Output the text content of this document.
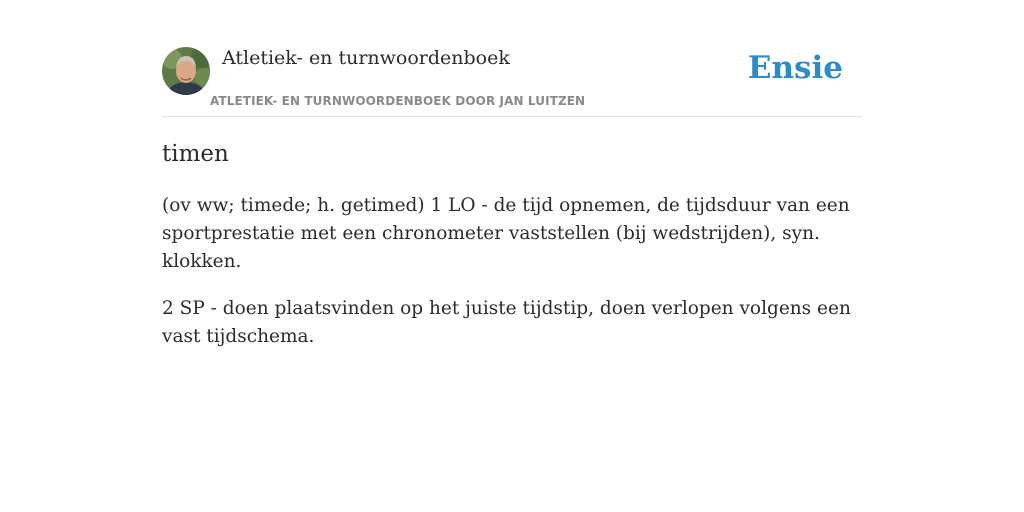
Atletiek- en turnwoordenboek
ATLETIEK- EN TURNWOORDENBOEK DOOR JAN LUITZEN
Ensie
timen

(ov ww; timede; h. getimed) 1 LO - de tijd opnemen, de tijdsduur van een sportprestatie met een chronometer vaststellen (bij wedstrijden), syn. klokken.

2 SP - doen plaatsvinden op het juiste tijdstip, doen verlopen volgens een vast tijdschema.
